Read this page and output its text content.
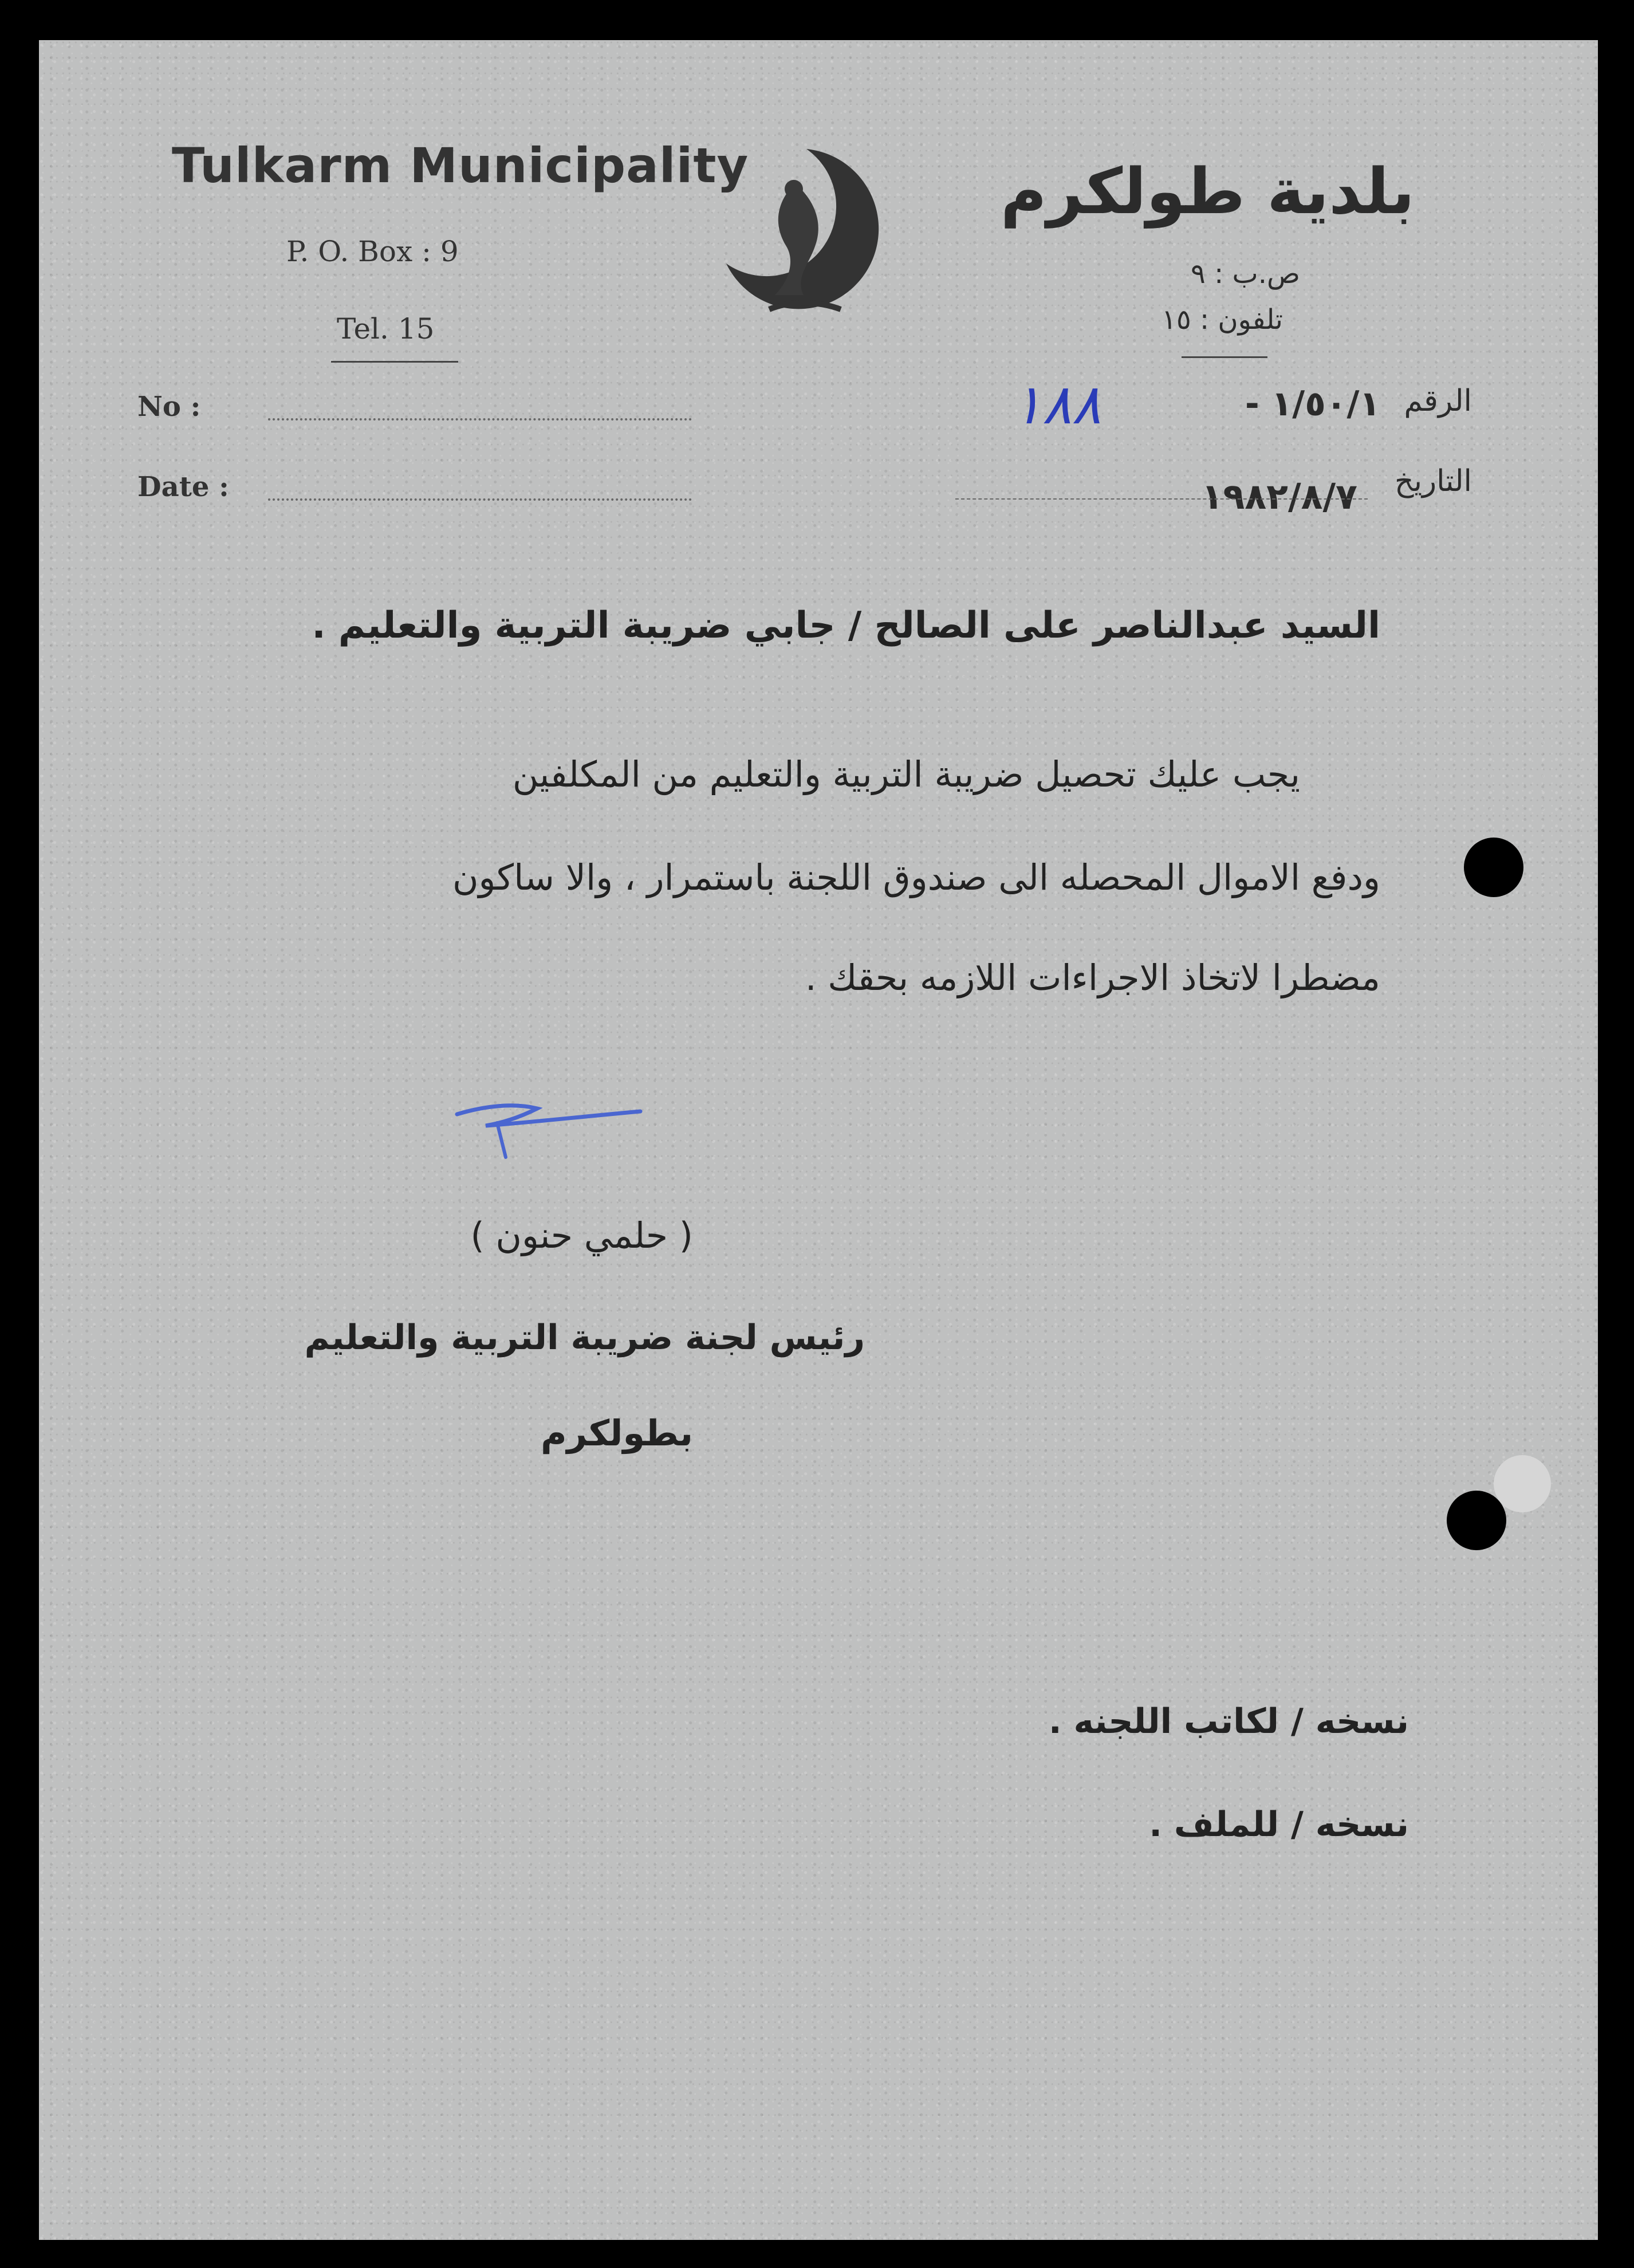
Tulkarm Municipality
P. O. Box : 9
Tel. 15
بلدية طولكرم
ص.ب : ٩
تلفون : ١٥
No :
Date :
الرقم
١/٥٠/١ -
١٨٨
التاريخ
١٩٨٢/٨/٧
السيد عبدالناصر على الصالح / جابي ضريبة التربية والتعليم .
يجب عليك تحصيل ضريبة التربية والتعليم من المكلفين
ودفع الاموال المحصله الى صندوق اللجنة باستمرار ، والا ساكون
مضطرا لاتخاذ الاجراءات اللازمه بحقك .
( حلمي حنون )
رئيس لجنة ضريبة التربية والتعليم
بطولكرم
نسخه / لكاتب اللجنه .
نسخه / للملف .
